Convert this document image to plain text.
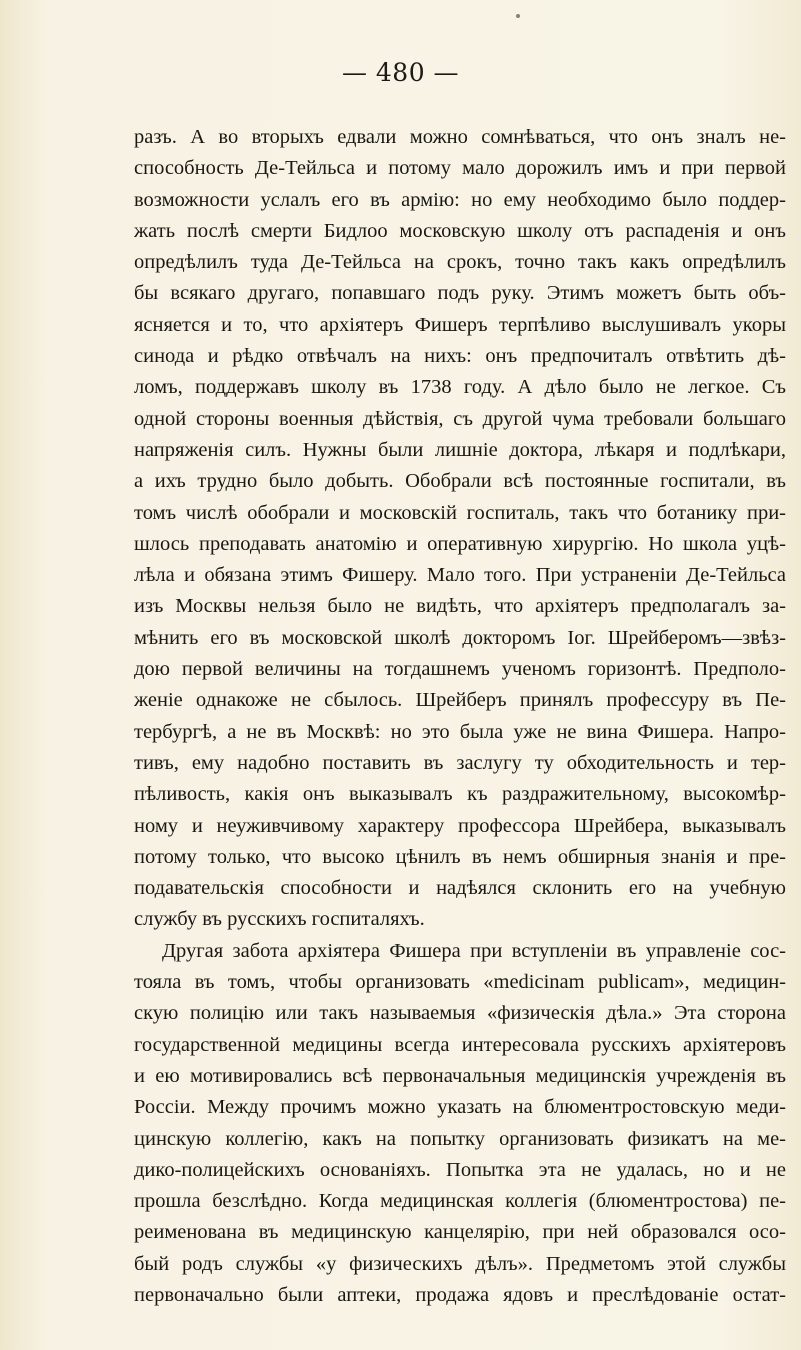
— 480 —
разъ. А во вторыхъ едвали можно сомнѣваться, что онъ зналъ не-
способность Де-Тейльса и потому мало дорожилъ имъ и при первой
возможности услалъ его въ армію: но ему необходимо было поддер-
жать послѣ смерти Бидлоо московскую школу отъ распаденія и онъ
опредѣлилъ туда Де-Тейльса на срокъ, точно такъ какъ опредѣлилъ
бы всякаго другаго, попавшаго подъ руку. Этимъ можетъ быть объ-
ясняется и то, что архіятеръ Фишеръ терпѣливо выслушивалъ укоры
синода и рѣдко отвѣчалъ на нихъ: онъ предпочиталъ отвѣтить дѣ-
ломъ, поддержавъ школу въ 1738 году. А дѣло было не легкое. Съ
одной стороны военныя дѣйствія, съ другой чума требовали большаго
напряженія силъ. Нужны были лишніе доктора, лѣкаря и подлѣкари,
а ихъ трудно было добыть. Обобрали всѣ постоянные госпитали, въ
томъ числѣ обобрали и московскій госпиталь, такъ что ботанику при-
шлось преподавать анатомію и оперативную хирургію. Но школа уцѣ-
лѣла и обязана этимъ Фишеру. Мало того. При устраненіи Де-Тейльса
изъ Москвы нельзя было не видѣть, что архіятеръ предполагалъ за-
мѣнить его въ московской школѣ докторомъ Іог. Шрейберомъ—звѣз-
дою первой величины на тогдашнемъ ученомъ горизонтѣ. Предполо-
женіе однакоже не сбылось. Шрейберъ принялъ профессуру въ Пе-
тербургѣ, а не въ Москвѣ: но это была уже не вина Фишера. Напро-
тивъ, ему надобно поставить въ заслугу ту обходительность и тер-
пѣливость, какія онъ выказывалъ къ раздражительному, высокомѣр-
ному и неуживчивому характеру профессора Шрейбера, выказывалъ
потому только, что высоко цѣнилъ въ немъ обширныя знанія и пре-
подавательскія способности и надѣялся склонить его на учебную
службу въ русскихъ госпиталяхъ.
Другая забота архіятера Фишера при вступленіи въ управленіе сос-
тояла въ томъ, чтобы организовать «medicinam publicam», медицин-
скую полицію или такъ называемыя «физическія дѣла.» Эта сторона
государственной медицины всегда интересовала русскихъ архіятеровъ
и ею мотивировались всѣ первоначальныя медицинскія учрежденія въ
Россіи. Между прочимъ можно указать на блюментростовскую меди-
цинскую коллегію, какъ на попытку организовать физикатъ на ме-
дико-полицейскихъ основаніяхъ. Попытка эта не удалась, но и не
прошла безслѣдно. Когда медицинская коллегія (блюментростова) пе-
реименована въ медицинскую канцелярію, при ней образовался осо-
бый родъ службы «у физическихъ дѣлъ». Предметомъ этой службы
первоначально были аптеки, продажа ядовъ и преслѣдованіе остат-
